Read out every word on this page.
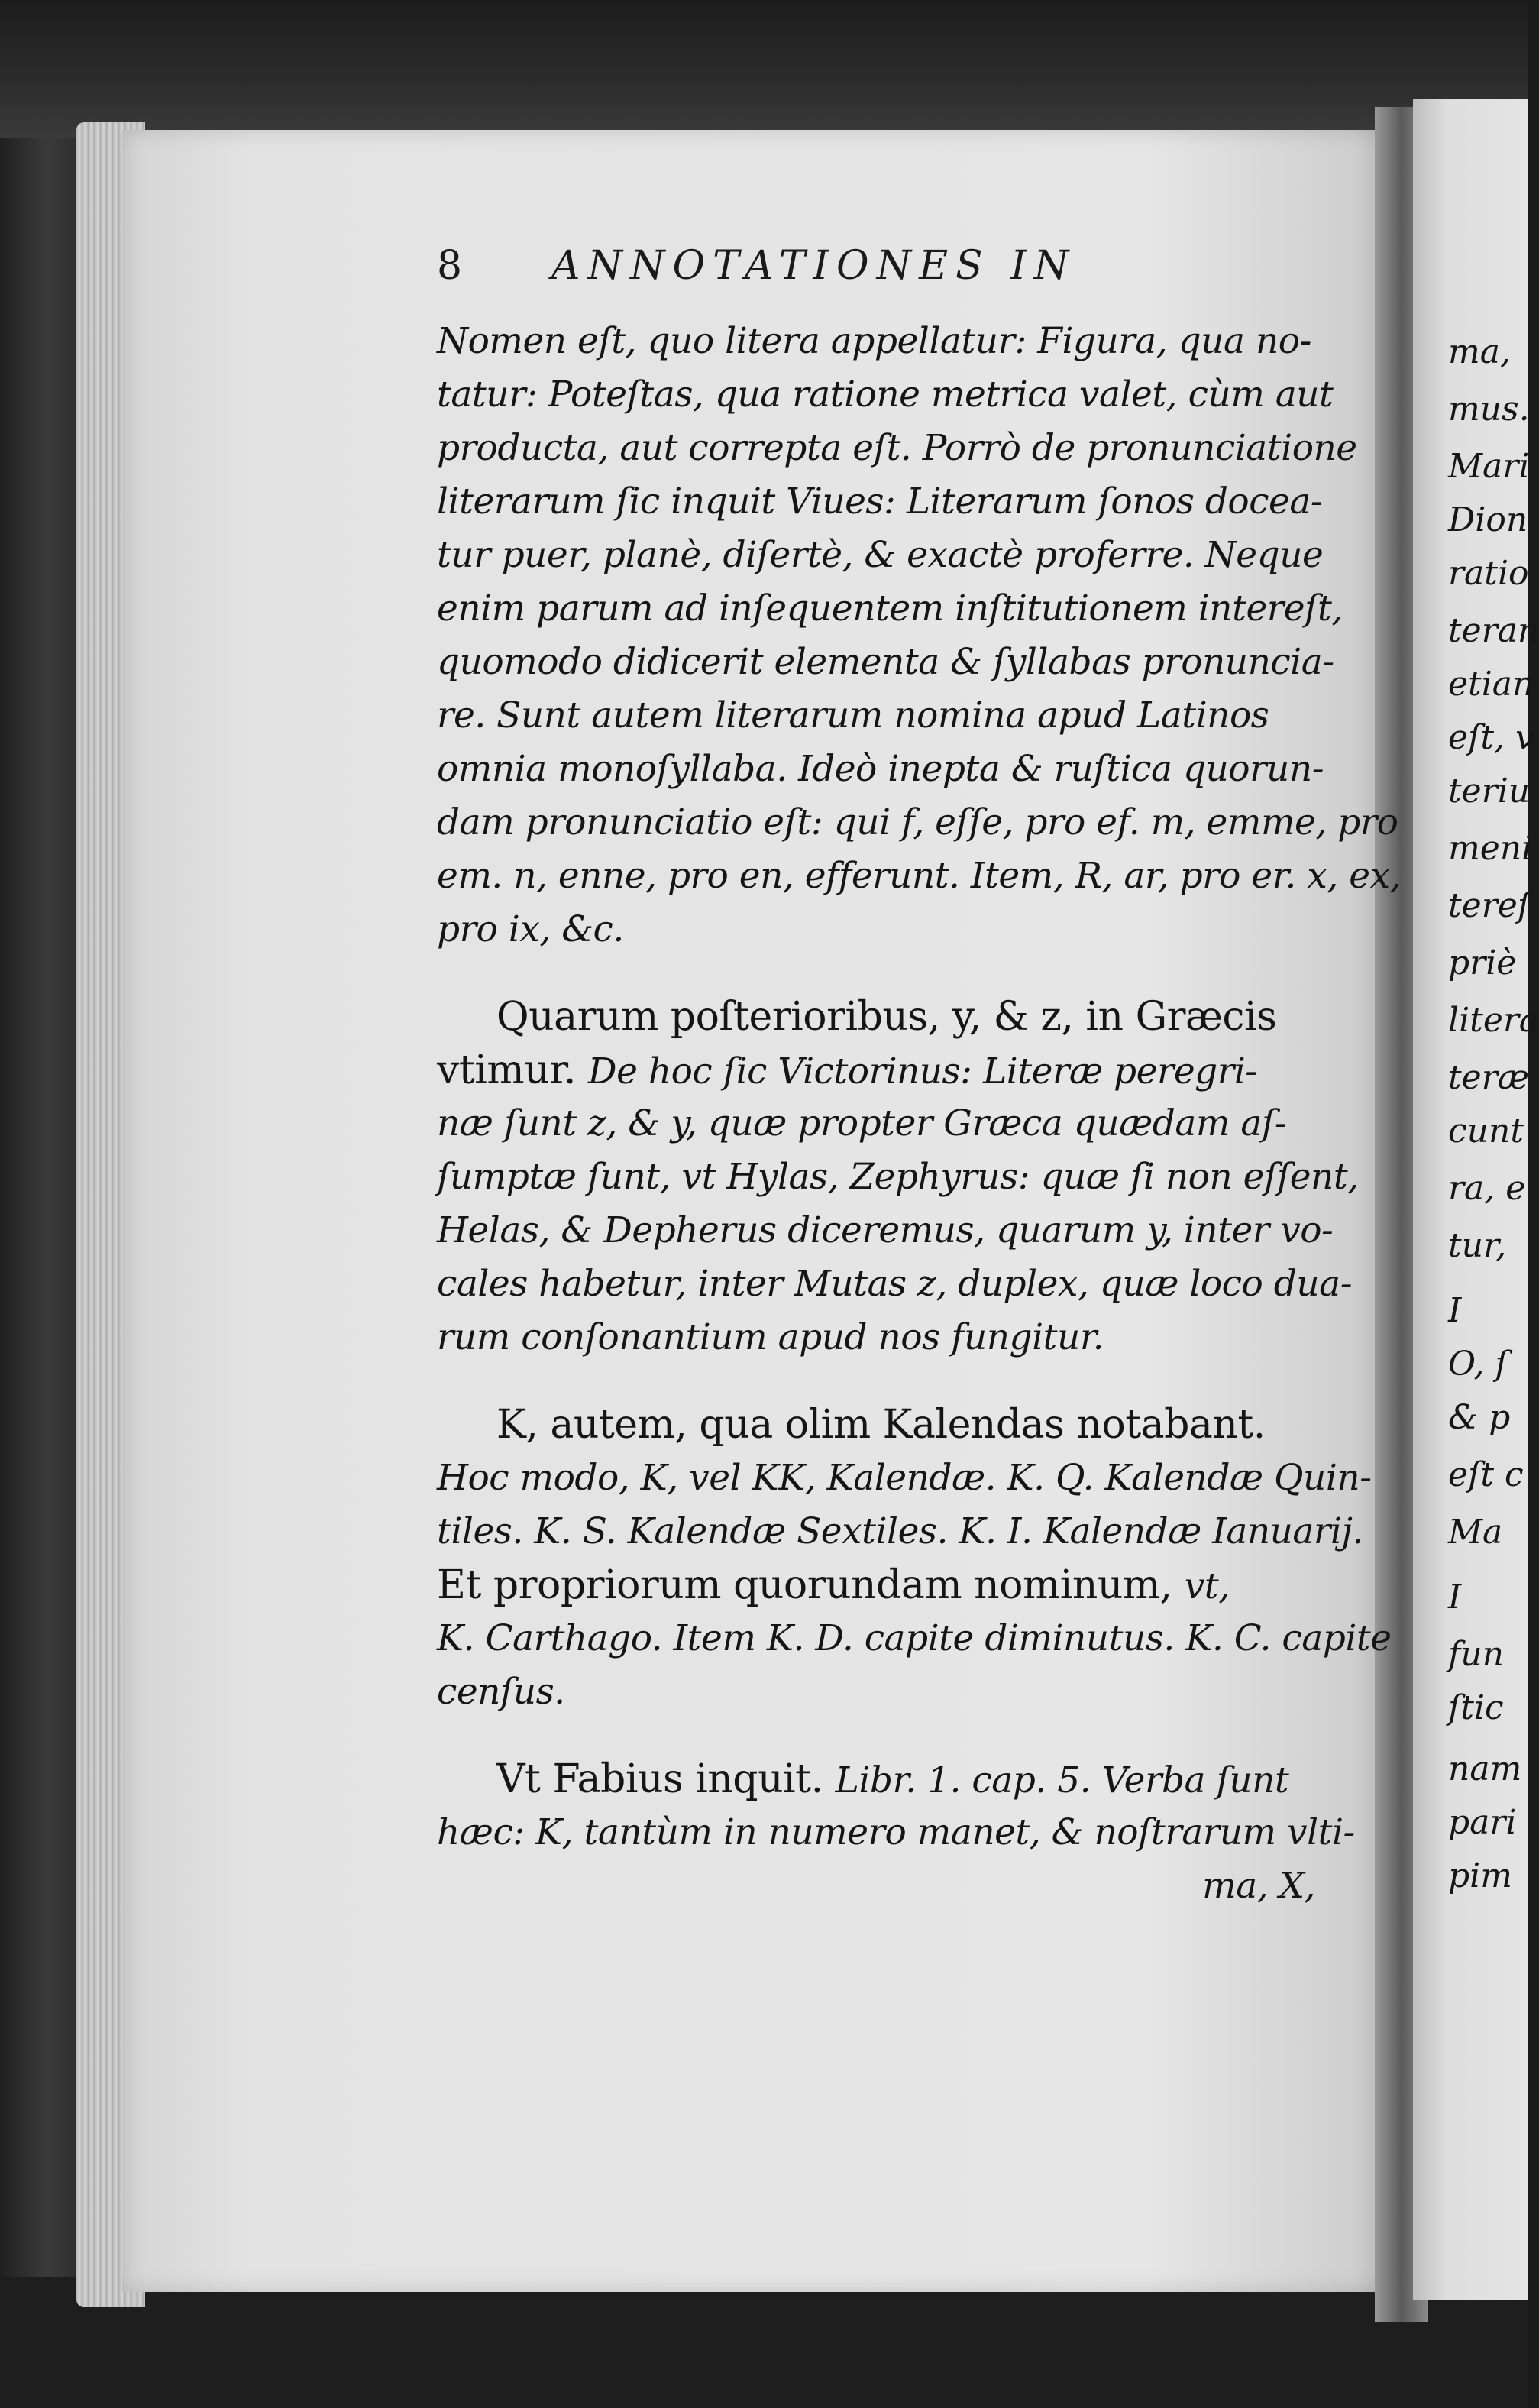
ma,
mus.
Mari
Dion
ratio
teran
etian
eſt, v
teriu
meni
tereſ
priè
litera
teræ
cunt
ra, e
tur,
I
O, ſ
& p
eſt c
Ma
I
fun
ſtic
nam
pari
pim
8 ANNOTATIONES IN
Nomen eſt, quo litera appellatur: Figura, qua no-
tatur: Poteſtas, qua ratione metrica valet, cùm aut
producta, aut correpta eſt. Porrò de pronunciatione
literarum ſic inquit Viues: Literarum ſonos docea-
tur puer, planè, diſertè, & exactè proferre. Neque
enim parum ad inſequentem inſtitutionem intereſt,
quomodo didicerit elementa & ſyllabas pronuncia-
re. Sunt autem literarum nomina apud Latinos
omnia monoſyllaba. Ideò inepta & ruſtica quorun-
dam pronunciatio eſt: qui f, eſſe, pro ef. m, emme, pro
em. n, enne, pro en, efferunt. Item, R, ar, pro er. x, ex,
pro ix, &c.
Quarum poſterioribus, y, & z, in Græcis
vtimur. De hoc ſic Victorinus: Literæ peregri-
næ ſunt z, & y, quæ propter Græca quædam aſ-
ſumptæ ſunt, vt Hylas, Zephyrus: quæ ſi non eſſent,
Helas, & Depherus diceremus, quarum y, inter vo-
cales habetur, inter Mutas z, duplex, quæ loco dua-
rum conſonantium apud nos fungitur.
K, autem, qua olim Kalendas notabant.
Hoc modo, K, vel KK, Kalendæ. K. Q. Kalendæ Quin-
tiles. K. S. Kalendæ Sextiles. K. I. Kalendæ Ianuarij.
Et propriorum quorundam nominum, vt,
K. Carthago. Item K. D. capite diminutus. K. C. capite
cenſus.
Vt Fabius inquit. Libr. 1. cap. 5. Verba ſunt
hæc: K, tantùm in numero manet, & noſtrarum vlti-
ma, X,
